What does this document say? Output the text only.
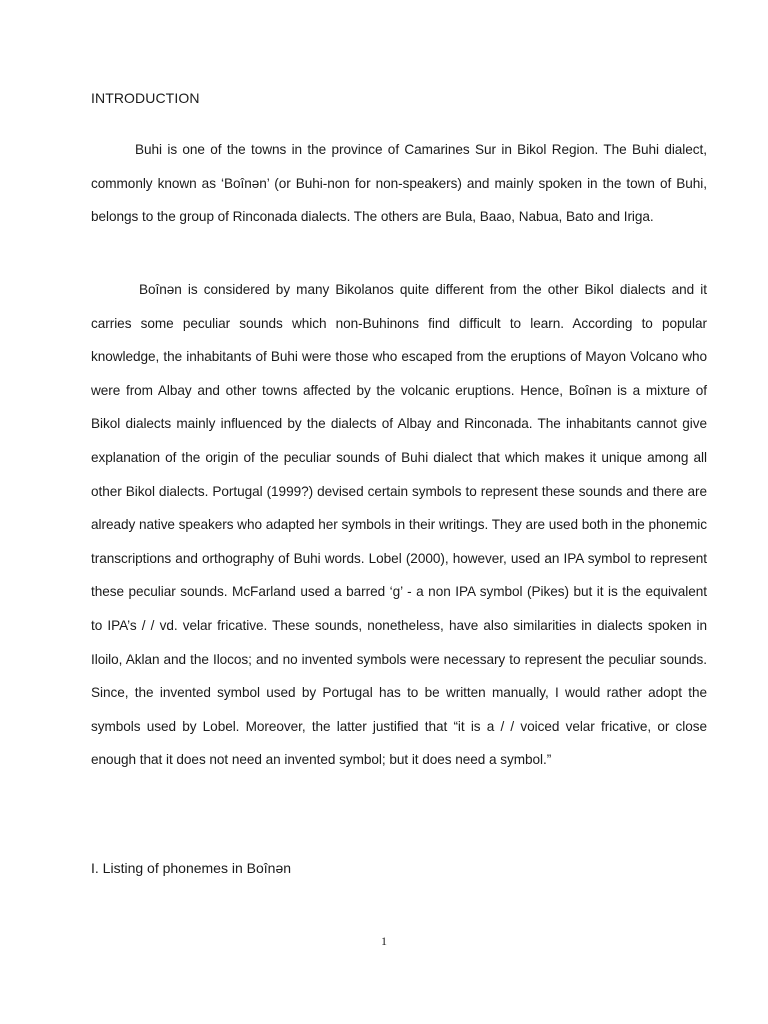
INTRODUCTION

Buhi is one of the towns in the province of Camarines Sur in Bikol Region. The Buhi dialect, commonly known as ‘Boînən’ (or Buhi-non for non-speakers) and mainly spoken in the town of Buhi, belongs to the group of Rinconada dialects. The others are Bula, Baao, Nabua, Bato and Iriga.

Boînən is considered by many Bikolanos quite different from the other Bikol dialects and it carries some peculiar sounds which non-Buhinons find difficult to learn. According to popular knowledge, the inhabitants of Buhi were those who escaped from the eruptions of Mayon Volcano who were from Albay and other towns affected by the volcanic eruptions. Hence, Boînən is a mixture of Bikol dialects mainly influenced by the dialects of Albay and Rinconada. The inhabitants cannot give explanation of the origin of the peculiar sounds of Buhi dialect that which makes it unique among all other Bikol dialects. Portugal (1999?) devised certain symbols to represent these sounds and there are already native speakers who adapted her symbols in their writings. They are used both in the phonemic transcriptions and orthography of Buhi words. Lobel (2000), however, used an IPA symbol to represent these peculiar sounds. McFarland used a barred ‘g’ - a non IPA symbol (Pikes) but it is the equivalent to IPA’s / / vd. velar fricative. These sounds, nonetheless, have also similarities in dialects spoken in Iloilo, Aklan and the Ilocos; and no invented symbols were necessary to represent the peculiar sounds. Since, the invented symbol used by Portugal has to be written manually, I would rather adopt the symbols used by Lobel. Moreover, the latter justified that “it is a / / voiced velar fricative, or close enough that it does not need an invented symbol; but it does need a symbol.”

I. Listing of phonemes in Boînən
1
